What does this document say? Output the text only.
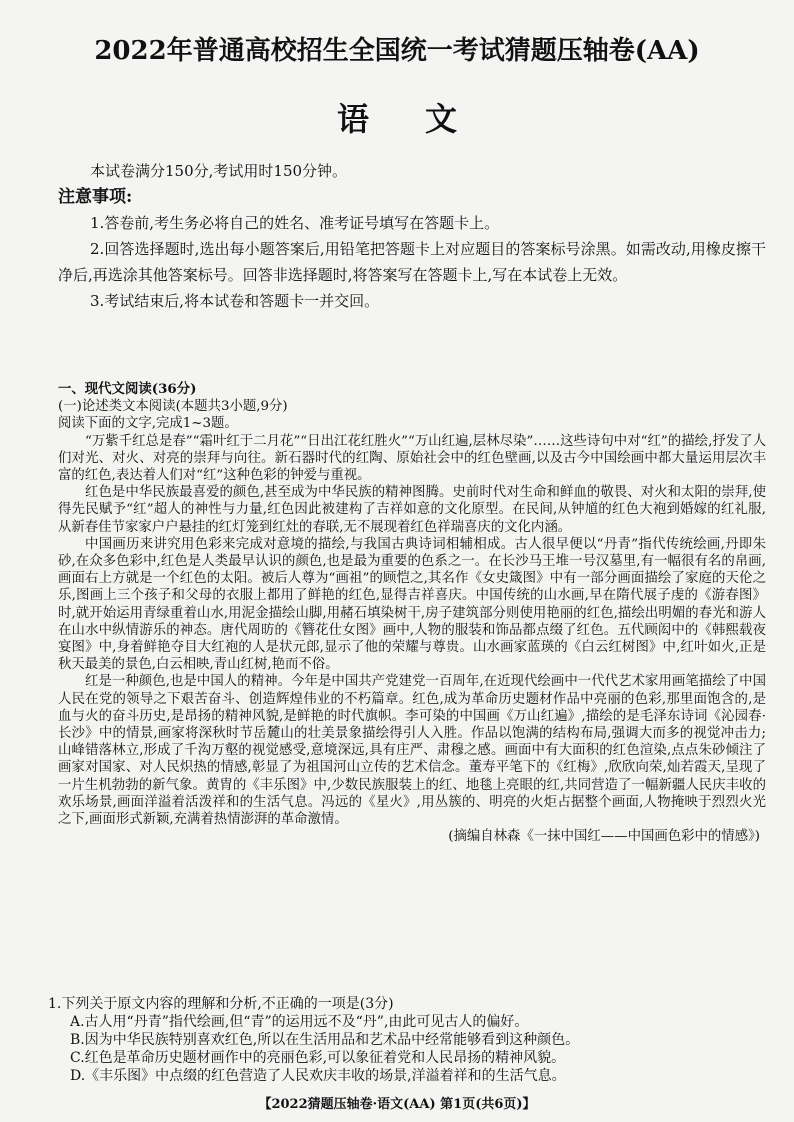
2022年普通高校招生全国统一考试猜题压轴卷(AA)
语文

本试卷满分150分,考试用时150分钟。

注意事项:

1.答卷前,考生务必将自己的姓名、准考证号填写在答题卡上。

2.回答选择题时,选出每小题答案后,用铅笔把答题卡上对应题目的答案标号涂黑。如需改动,用橡皮擦干净后,再选涂其他答案标号。回答非选择题时,将答案写在答题卡上,写在本试卷上无效。

3.考试结束后,将本试卷和答题卡一并交回。

一、现代文阅读(36分)

(一)论述类文本阅读(本题共3小题,9分)

阅读下面的文字,完成1~3题。

“万紫千红总是春”“霜叶红于二月花”“日出江花红胜火”“万山红遍,层林尽染”……这些诗句中对“红”的描绘,抒发了人们对光、对火、对亮的崇拜与向往。新石器时代的红陶、原始社会中的红色壁画,以及古今中国绘画中都大量运用层次丰富的红色,表达着人们对“红”这种色彩的钟爱与重视。

红色是中华民族最喜爱的颜色,甚至成为中华民族的精神图腾。史前时代对生命和鲜血的敬畏、对火和太阳的崇拜,使得先民赋予“红”超人的神性与力量,红色因此被建构了吉祥如意的文化原型。在民间,从钟馗的红色大袍到婚嫁的红礼服,从新春佳节家家户户悬挂的红灯笼到红灶的春联,无不展现着红色祥瑞喜庆的文化内涵。

中国画历来讲究用色彩来完成对意境的描绘,与我国古典诗词相辅相成。古人很早便以“丹青”指代传统绘画,丹即朱砂,在众多色彩中,红色是人类最早认识的颜色,也是最为重要的色系之一。在长沙马王堆一号汉墓里,有一幅很有名的帛画,画面右上方就是一个红色的太阳。被后人尊为“画祖”的顾恺之,其名作《女史箴图》中有一部分画面描绘了家庭的天伦之乐,图画上三个孩子和父母的衣服上都用了鲜艳的红色,显得吉祥喜庆。中国传统的山水画,早在隋代展子虔的《游春图》时,就开始运用青绿重着山水,用泥金描绘山脚,用赭石填染树干,房子建筑部分则使用艳丽的红色,描绘出明媚的春光和游人在山水中纵情游乐的神态。唐代周昉的《簪花仕女图》画中,人物的服装和饰品都点缀了红色。五代顾闳中的《韩熙载夜宴图》中,身着鲜艳夺目大红袍的人是状元郎,显示了他的荣耀与尊贵。山水画家蓝瑛的《白云红树图》中,红叶如火,正是秋天最美的景色,白云相映,青山红树,艳而不俗。

红是一种颜色,也是中国人的精神。今年是中国共产党建党一百周年,在近现代绘画中一代代艺术家用画笔描绘了中国人民在党的领导之下艰苦奋斗、创造辉煌伟业的不朽篇章。红色,成为革命历史题材作品中亮丽的色彩,那里面饱含的,是血与火的奋斗历史,是昂扬的精神风貌,是鲜艳的时代旗帜。李可染的中国画《万山红遍》,描绘的是毛泽东诗词《沁园春·长沙》中的情景,画家将深秋时节岳麓山的壮美景象描绘得引人入胜。作品以饱满的结构布局,强调大而多的视觉冲击力;山峰错落林立,形成了千沟万壑的视觉感受,意境深远,具有庄严、肃穆之感。画面中有大面积的红色渲染,点点朱砂倾注了画家对国家、对人民炽热的情感,彰显了为祖国河山立传的艺术信念。董寿平笔下的《红梅》,欣欣向荣,灿若霞天,呈现了一片生机勃勃的新气象。黄胄的《丰乐图》中,少数民族服装上的红、地毯上亮眼的红,共同营造了一幅新疆人民庆丰收的欢乐场景,画面洋溢着活泼祥和的生活气息。冯远的《星火》,用丛簇的、明亮的火炬占据整个画面,人物掩映于烈烈火光之下,画面形式新颖,充满着热情澎湃的革命激情。

(摘编自林森《一抹中国红——中国画色彩中的情感》)

1.下列关于原文内容的理解和分析,不正确的一项是(3分)

A.古人用“丹青”指代绘画,但“青”的运用远不及“丹”,由此可见古人的偏好。

B.因为中华民族特别喜欢红色,所以在生活用品和艺术品中经常能够看到这种颜色。

C.红色是革命历史题材画作中的亮丽色彩,可以象征着党和人民昂扬的精神风貌。

D.《丰乐图》中点缀的红色营造了人民欢庆丰收的场景,洋溢着祥和的生活气息。

【2022猜题压轴卷·语文(AA) 第1页(共6页)】
